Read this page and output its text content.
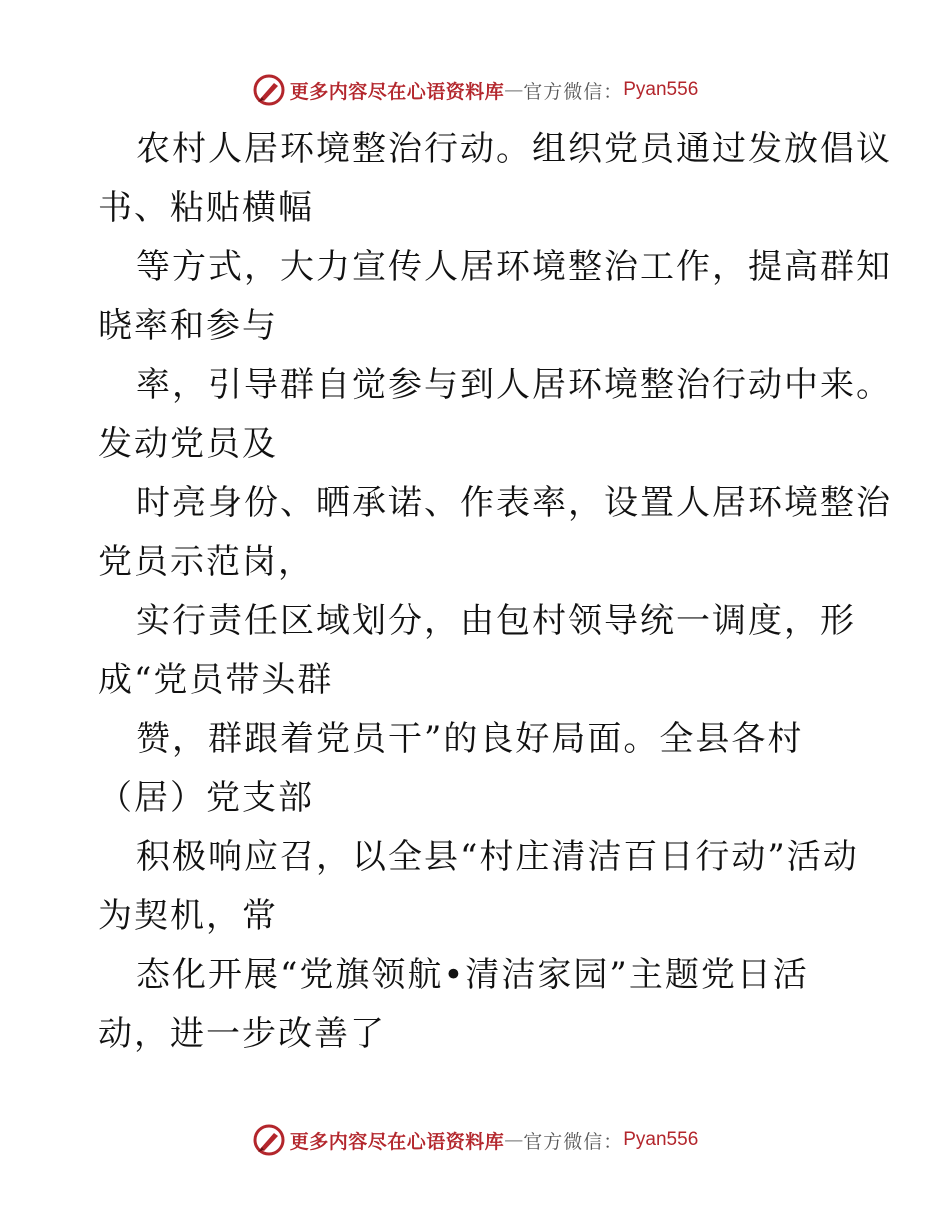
更多内容尽在心语资料库 — 官方微信： Pyan556
农村人居环境整治行动。组织党员通过发放倡议
书、粘贴横幅
等方式，大力宣传人居环境整治工作，提高群知
晓率和参与
率，引导群自觉参与到人居环境整治行动中来。
发动党员及
时亮身份、晒承诺、作表率，设置人居环境整治
党员示范岗，
实行责任区域划分，由包村领导统一调度，形
成“党员带头群
赞，群跟着党员干”的良好局面。全县各村
（居）党支部
积极响应召，以全县“村庄清洁百日行动”活动
为契机，常
态化开展“党旗领航•清洁家园”主题党日活
动，进一步改善了
更多内容尽在心语资料库 — 官方微信： Pyan556
